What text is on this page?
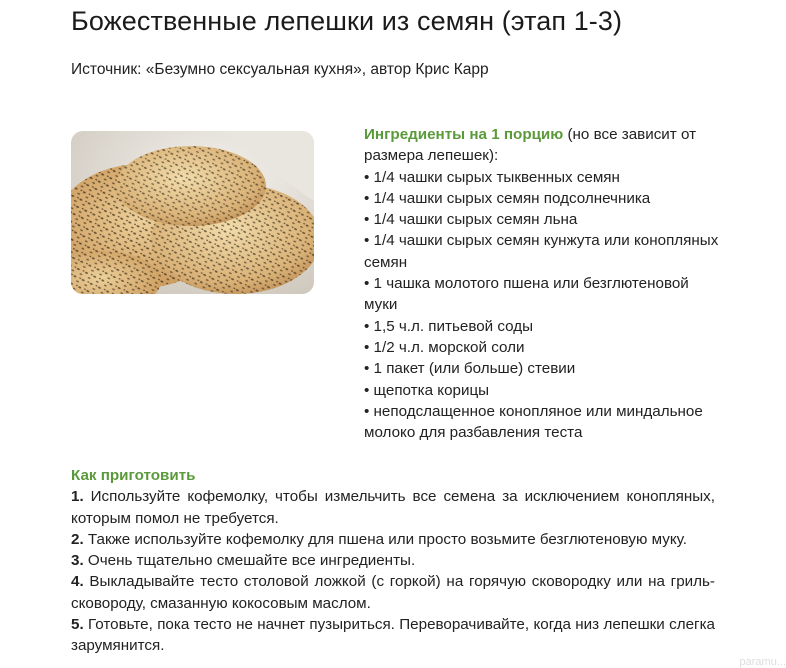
Божественные лепешки из семян (этап 1-3)
Источник: «Безумно сексуальная кухня», автор Крис Карр
Ингредиенты на 1 порцию (но все зависит от размера лепешек):
• 1/4 чашки сырых тыквенных семян
• 1/4 чашки сырых семян подсолнечника
• 1/4 чашки сырых семян льна
• 1/4 чашки сырых семян кунжута или конопляных семян
• 1 чашка молотого пшена или безглютеновой муки
• 1,5 ч.л. питьевой соды
• 1/2 ч.л. морской соли
• 1 пакет (или больше) стевии
• щепотка корицы
• неподслащенное конопляное или миндальное молоко для разбавления теста
Как приготовить
1. Используйте кофемолку, чтобы измельчить все семена за исключением конопляных, которым помол не требуется.
2. Также используйте кофемолку для пшена или просто возьмите безглютеновую муку.
3. Очень тщательно смешайте все ингредиенты.
4. Выкладывайте тесто столовой ложкой (с горкой) на горячую сковородку или на гриль-сковороду, смазанную кокосовым маслом.
5. Готовьте, пока тесто не начнет пузыриться. Переворачивайте, когда низ лепешки слегка зарумянится.
paramu...
